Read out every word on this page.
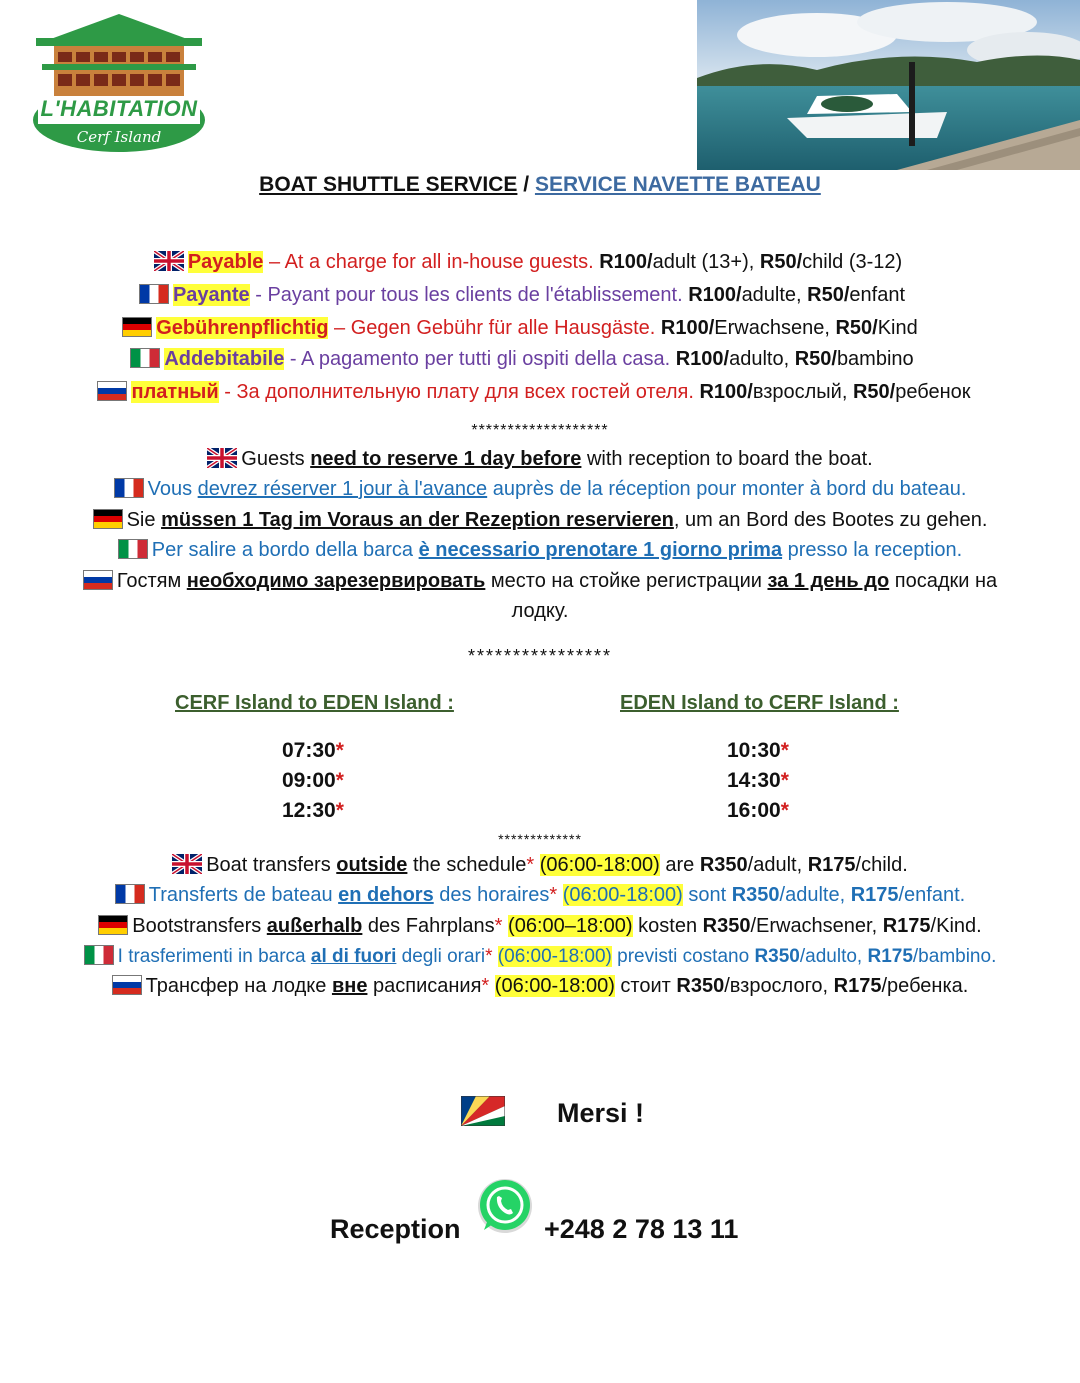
L'HABITATION
Cerf Island
BOAT SHUTTLE SERVICE / SERVICE NAVETTE BATEAU
Payable – At a charge for all in-house guests. R100/adult (13+), R50/child (3-12)
Payante - Payant pour tous les clients de l'établissement. R100/adulte, R50/enfant
Gebührenpflichtig – Gegen Gebühr für alle Hausgäste. R100/Erwachsene, R50/Kind
Addebitabile - A pagamento per tutti gli ospiti della casa. R100/adulto, R50/bambino
платный - За дополнительную плату для всех гостей отеля. R100/взрослый, R50/ребенок
*******************
Guests need to reserve 1 day before with reception to board the boat.
Vous devrez réserver 1 jour à l'avance auprès de la réception pour monter à bord du bateau.
Sie müssen 1 Tag im Voraus an der Rezeption reservieren, um an Bord des Bootes zu gehen.
Per salire a bordo della barca è necessario prenotare 1 giorno prima presso la reception.
Гостям необходимо зарезервировать место на стойке регистрации за 1 день до посадки на
лодку.
****************
CERF Island to EDEN Island :	EDEN Island to CERF Island :
07:30*
09:00*
12:30*
10:30*
14:30*
16:00*
*************
Boat transfers outside the schedule* (06:00-18:00) are R350/adult, R175/child.
Transferts de bateau en dehors des horaires* (06:00-18:00) sont R350/adulte, R175/enfant.
Bootstransfers außerhalb des Fahrplans* (06:00–18:00) kosten R350/Erwachsener, R175/Kind.
I trasferimenti in barca al di fuori degli orari* (06:00-18:00) previsti costano R350/adulto, R175/bambino.
Трансфер на лодке вне расписания* (06:00-18:00) стоит R350/взрослого, R175/ребенка.
Mersi !
Reception	+248 2 78 13 11
